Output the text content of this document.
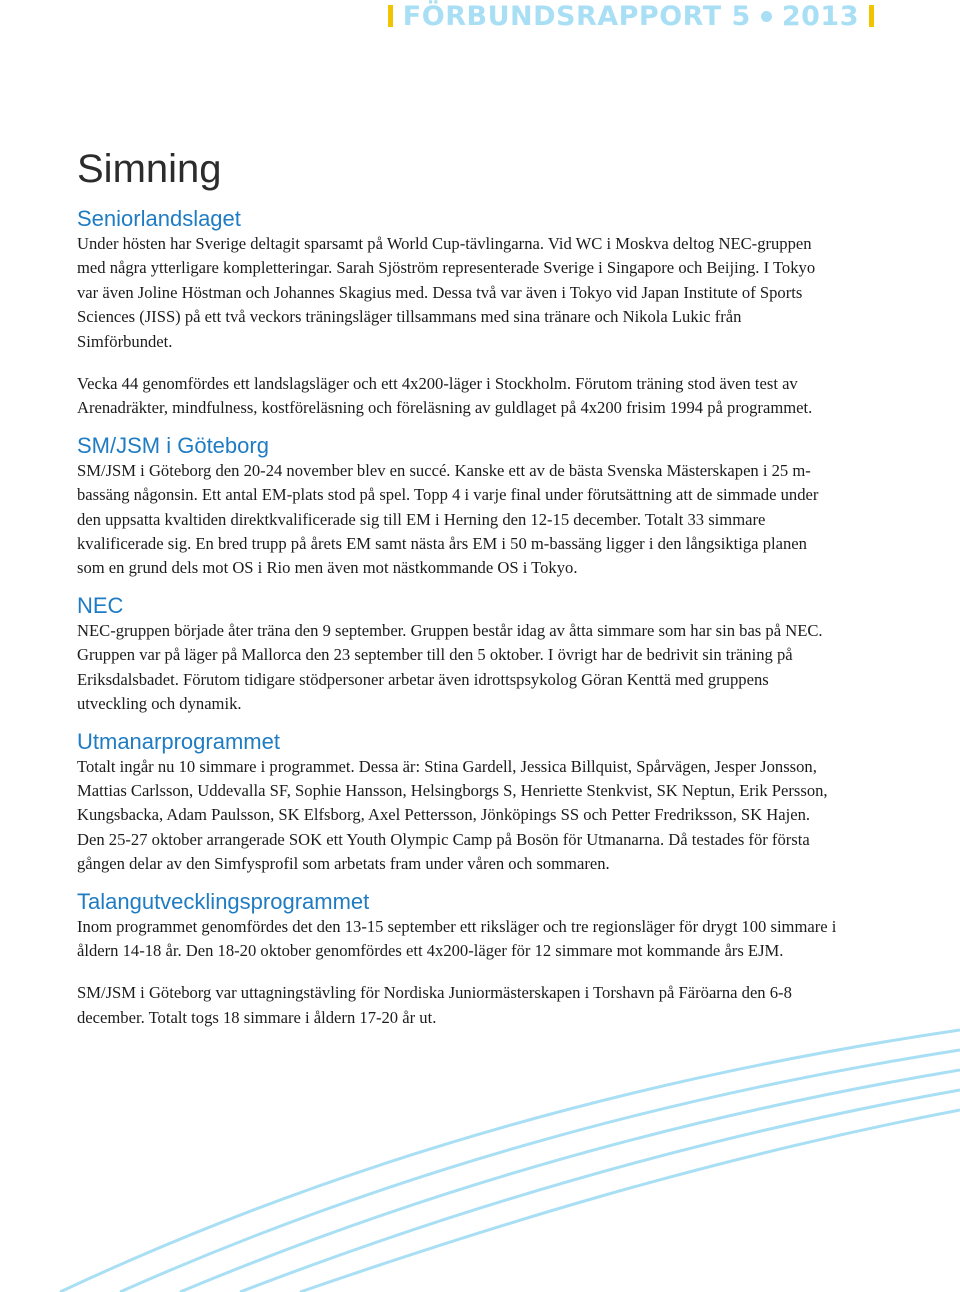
FÖRBUNDSRAPPORT 5 2013
Simning
Seniorlandslaget

Under hösten har Sverige deltagit sparsamt på World Cup-tävlingarna. Vid WC i Moskva deltog NEC-gruppen med några ytterligare kompletteringar. Sarah Sjöström representerade Sverige i Singapore och Beijing. I Tokyo var även Joline Höstman och Johannes Skagius med. Dessa två var även i Tokyo vid Japan Institute of Sports Sciences (JISS) på ett två veckors träningsläger tillsammans med sina tränare och Nikola Lukic från Simförbundet.

Vecka 44 genomfördes ett landslagsläger och ett 4x200-läger i Stockholm. Förutom träning stod även test av Arenadräkter, mindfulness, kostföreläsning och föreläsning av guldlaget på 4x200 frisim 1994 på programmet.

SM/JSM i Göteborg

SM/JSM i Göteborg den 20-24 november blev en succé. Kanske ett av de bästa Svenska Mästerskapen i 25 m-bassäng någonsin. Ett antal EM-plats stod på spel. Topp 4 i varje final under förutsättning att de simmade under den uppsatta kvaltiden direktkvalificerade sig till EM i Herning den 12-15 december. Totalt 33 simmare kvalificerade sig. En bred trupp på årets EM samt nästa års EM i 50 m-bassäng ligger i den långsiktiga planen som en grund dels mot OS i Rio men även mot nästkommande OS i Tokyo.

NEC

NEC-gruppen började åter träna den 9 september. Gruppen består idag av åtta simmare som har sin bas på NEC. Gruppen var på läger på Mallorca den 23 september till den 5 oktober. I övrigt har de bedrivit sin träning på Eriksdalsbadet. Förutom tidigare stödpersoner arbetar även idrottspsykolog Göran Kenttä med gruppens utveckling och dynamik.

Utmanarprogrammet

Totalt ingår nu 10 simmare i programmet. Dessa är: Stina Gardell, Jessica Billquist, Spårvägen, Jesper Jonsson, Mattias Carlsson, Uddevalla SF, Sophie Hansson, Helsingborgs S, Henriette Stenkvist, SK Neptun, Erik Persson, Kungsbacka, Adam Paulsson, SK Elfsborg, Axel Pettersson, Jönköpings SS och Petter Fredriksson, SK Hajen. Den 25-27 oktober arrangerade SOK ett Youth Olympic Camp på Bosön för Utmanarna. Då testades för första gången delar av den Simfysprofil som arbetats fram under våren och sommaren.

Talangutvecklingsprogrammet

Inom programmet genomfördes det den 13-15 september ett riksläger och tre regionsläger för drygt 100 simmare i åldern 14-18 år. Den 18-20 oktober genomfördes ett 4x200-läger för 12 simmare mot kommande års EJM.

SM/JSM i Göteborg var uttagningstävling för Nordiska Juniormästerskapen i Torshavn på Färöarna den 6-8 december. Totalt togs 18 simmare i åldern 17-20 år ut.
